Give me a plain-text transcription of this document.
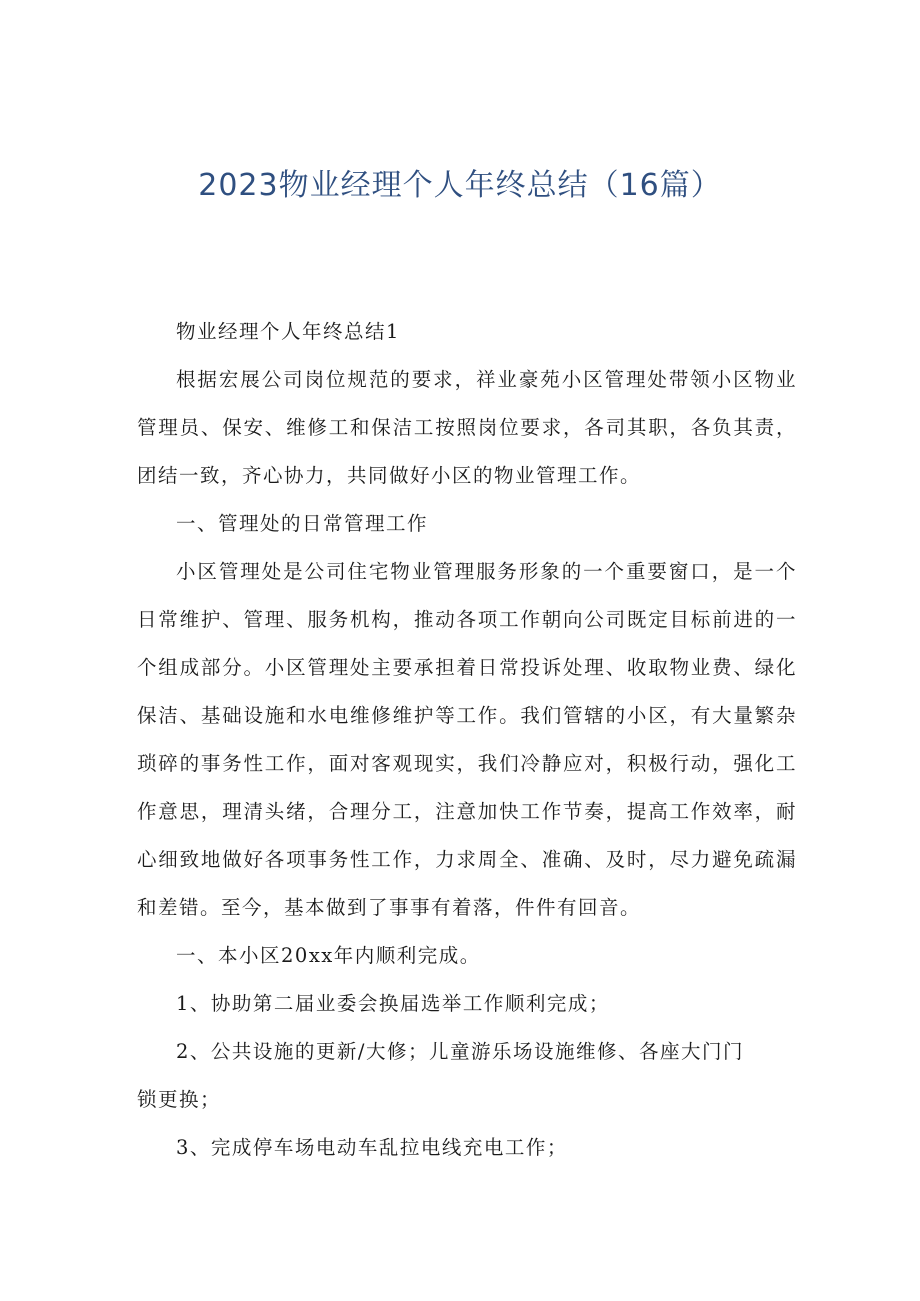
2023物业经理个人年终总结（16篇）

物业经理个人年终总结1

根据宏展公司岗位规范的要求，祥业豪苑小区管理处带领小区物业管理员、保安、维修工和保洁工按照岗位要求，各司其职，各负其责，团结一致，齐心协力，共同做好小区的物业管理工作。

一、管理处的日常管理工作

小区管理处是公司住宅物业管理服务形象的一个重要窗口，是一个日常维护、管理、服务机构，推动各项工作朝向公司既定目标前进的一个组成部分。小区管理处主要承担着日常投诉处理、收取物业费、绿化保洁、基础设施和水电维修维护等工作。我们管辖的小区，有大量繁杂琐碎的事务性工作，面对客观现实，我们冷静应对，积极行动，强化工作意思，理清头绪，合理分工，注意加快工作节奏，提高工作效率，耐心细致地做好各项事务性工作，力求周全、准确、及时，尽力避免疏漏和差错。至今，基本做到了事事有着落，件件有回音。

一、本小区20xx年内顺利完成。

1、协助第二届业委会换届选举工作顺利完成；

2、公共设施的更新/大修；儿童游乐场设施维修、各座大门门

锁更换；

3、完成停车场电动车乱拉电线充电工作；
